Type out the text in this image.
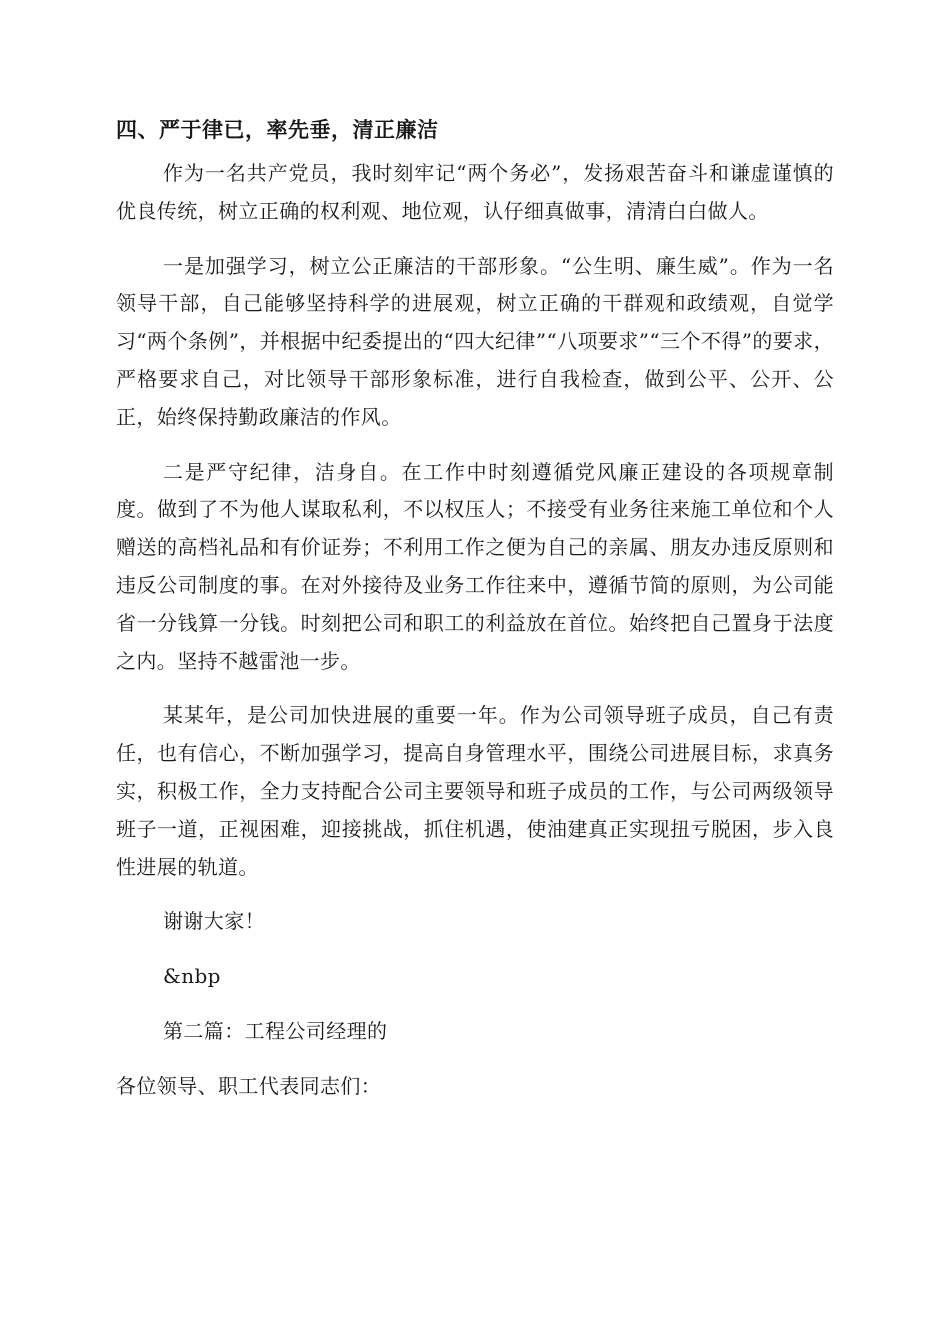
四、严于律已，率先垂，清正廉洁

作为一名共产党员，我时刻牢记“两个务必”，发扬艰苦奋斗和谦虚谨慎的优良传统，树立正确的权利观、地位观，认仔细真做事，清清白白做人。

一是加强学习，树立公正廉洁的干部形象。“公生明、廉生威”。作为一名领导干部，自己能够坚持科学的进展观，树立正确的干群观和政绩观，自觉学习“两个条例”，并根据中纪委提出的“四大纪律”“八项要求”“三个不得”的要求，严格要求自己，对比领导干部形象标准，进行自我检查，做到公平、公开、公正，始终保持勤政廉洁的作风。

二是严守纪律，洁身自。在工作中时刻遵循党风廉正建设的各项规章制度。做到了不为他人谋取私利，不以权压人；不接受有业务往来施工单位和个人赠送的高档礼品和有价证券；不利用工作之便为自己的亲属、朋友办违反原则和违反公司制度的事。在对外接待及业务工作往来中，遵循节简的原则，为公司能省一分钱算一分钱。时刻把公司和职工的利益放在首位。始终把自己置身于法度之内。坚持不越雷池一步。

某某年，是公司加快进展的重要一年。作为公司领导班子成员，自己有责任，也有信心，不断加强学习，提高自身管理水平，围绕公司进展目标，求真务实，积极工作，全力支持配合公司主要领导和班子成员的工作，与公司两级领导班子一道，正视困难，迎接挑战，抓住机遇，使油建真正实现扭亏脱困，步入良性进展的轨道。

谢谢大家！

&nbp

第二篇：工程公司经理的

各位领导、职工代表同志们：
